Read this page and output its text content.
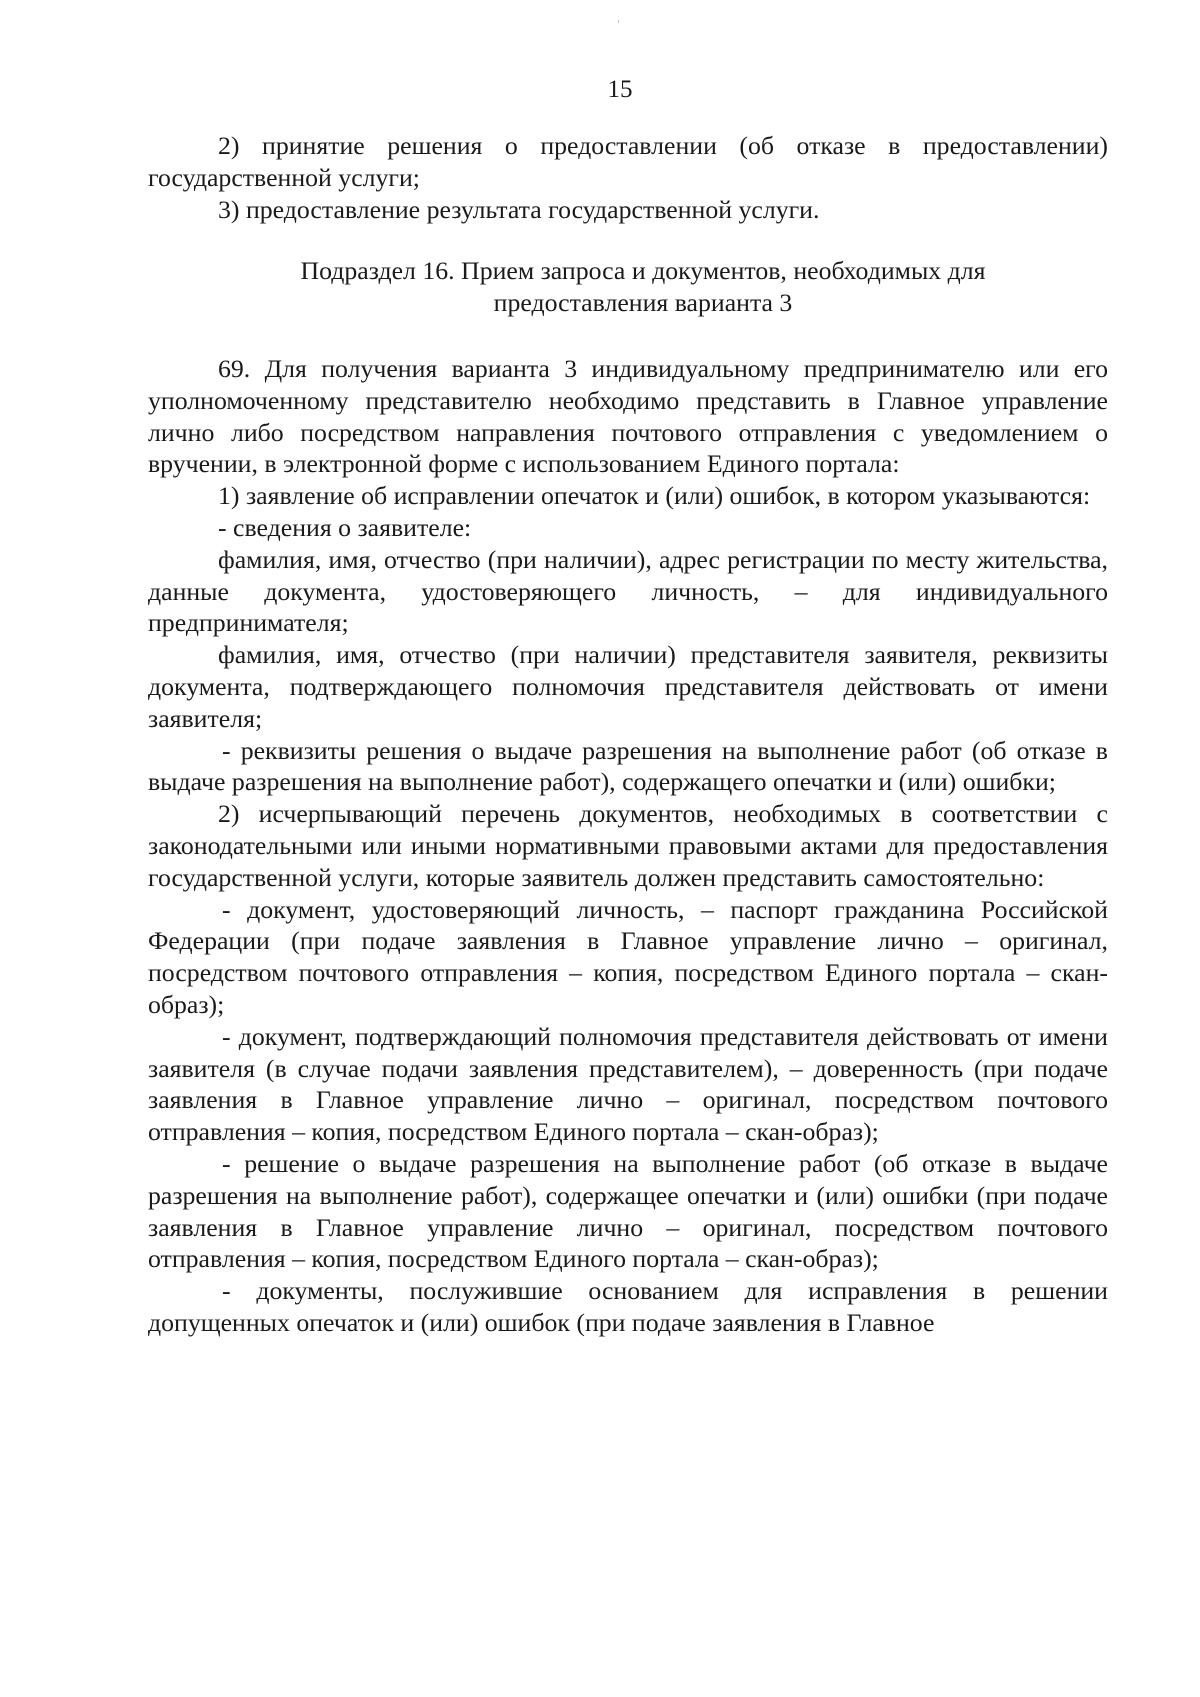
15

2) принятие решения о предоставлении (об отказе в предоставлении) государственной услуги;

3) предоставление результата государственной услуги.

Подраздел 16. Прием запроса и документов, необходимых для
предоставления варианта 3

69. Для получения варианта 3 индивидуальному предпринимателю или его уполномоченному представителю необходимо представить в Главное управление лично либо посредством направления почтового отправления с уведомлением о вручении, в электронной форме с использованием Единого портала:

1) заявление об исправлении опечаток и (или) ошибок, в котором указываются:

- сведения о заявителе:

фамилия, имя, отчество (при наличии), адрес регистрации по месту жительства, данные документа, удостоверяющего личность, – для индивидуального предпринимателя;

фамилия, имя, отчество (при наличии) представителя заявителя, реквизиты документа, подтверждающего полномочия представителя действовать от имени заявителя;

- реквизиты решения о выдаче разрешения на выполнение работ (об отказе в выдаче разрешения на выполнение работ), содержащего опечатки и (или) ошибки;

2) исчерпывающий перечень документов, необходимых в соответствии с законодательными или иными нормативными правовыми актами для предоставления государственной услуги, которые заявитель должен представить самостоятельно:

- документ, удостоверяющий личность, – паспорт гражданина Российской Федерации (при подаче заявления в Главное управление лично – оригинал, посредством почтового отправления – копия, посредством Единого портала – скан-образ);

- документ, подтверждающий полномочия представителя действовать от имени заявителя (в случае подачи заявления представителем), – доверенность (при подаче заявления в Главное управление лично – оригинал, посредством почтового отправления – копия, посредством Единого портала – скан-образ);

- решение о выдаче разрешения на выполнение работ (об отказе в выдаче разрешения на выполнение работ), содержащее опечатки и (или) ошибки (при подаче заявления в Главное управление лично – оригинал, посредством почтового отправления – копия, посредством Единого портала – скан-образ);

- документы, послужившие основанием для исправления в решении допущенных опечаток и (или) ошибок (при подаче заявления в Главное
